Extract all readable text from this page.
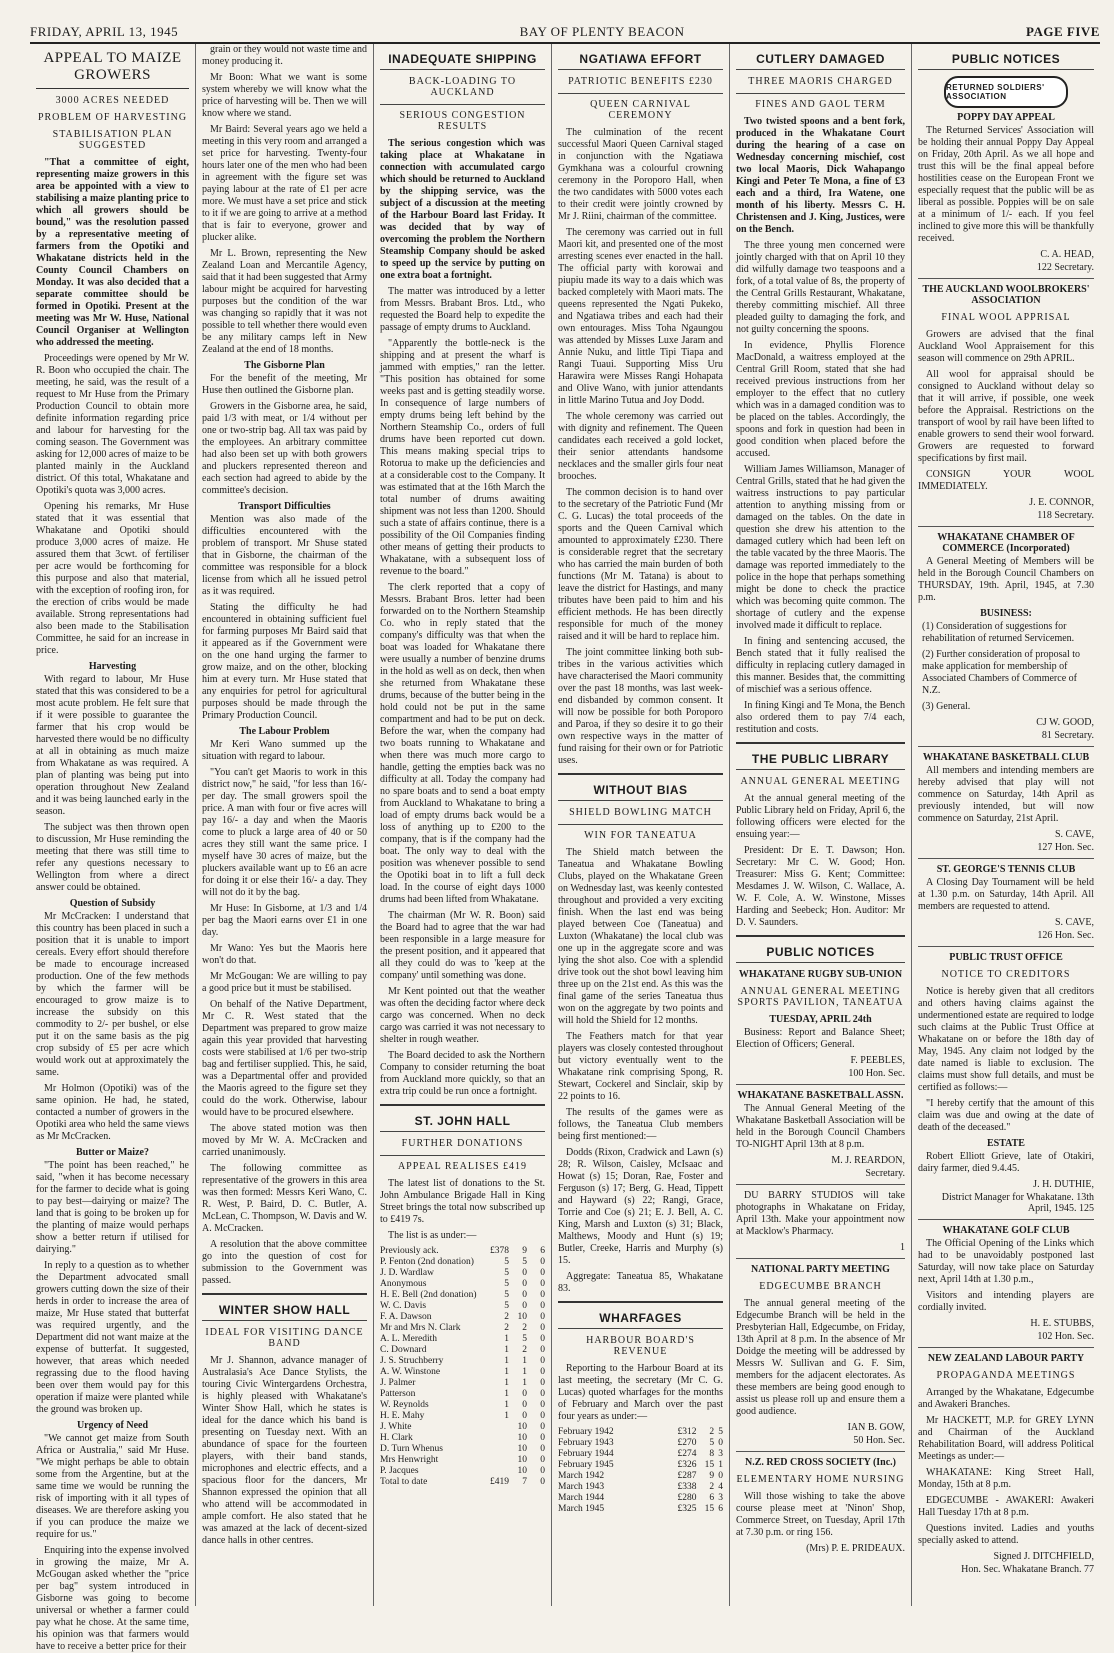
FRIDAY, APRIL 13, 1945	BAY OF PLENTY BEACON	PAGE FIVE
APPEAL TO MAIZE GROWERS
3000 ACRES NEEDED
PROBLEM OF HARVESTING
STABILISATION PLAN SUGGESTED

"That a committee of eight, representing maize growers in this area be appointed with a view to stabilising a maize planting price to which all growers should be bound," was the resolution passed by a representative meeting of farmers from the Opotiki and Whakatane districts held in the County Council Chambers on Monday. It was also decided that a separate committee should be formed in Opotiki. Present at the meeting was Mr W. Huse, National Council Organiser at Wellington who addressed the meeting.

Proceedings were opened by Mr W. R. Boon who occupied the chair. The meeting, he said, was the result of a request to Mr Huse from the Primary Production Council to obtain more definite information regarding price and labour for harvesting for the coming season. The Government was asking for 12,000 acres of maize to be planted mainly in the Auckland district. Of this total, Whakatane and Opotiki's quota was 3,000 acres.

Opening his remarks, Mr Huse stated that it was essential that Whakatane and Opotiki should produce 3,000 acres of maize. He assured them that 3cwt. of fertiliser per acre would be forthcoming for this purpose and also that material, with the exception of roofing iron, for the erection of cribs would be made available. Strong representations had also been made to the Stabilisation Committee, he said for an increase in price.

Harvesting

With regard to labour, Mr Huse stated that this was considered to be a most acute problem. He felt sure that if it were possible to guarantee the farmer that his crop would be harvested there would be no difficulty at all in obtaining as much maize from Whakatane as was required. A plan of planting was being put into operation throughout New Zealand and it was being launched early in the season.

The subject was then thrown open to discussion, Mr Huse reminding the meeting that there was still time to refer any questions necessary to Wellington from where a direct answer could be obtained.

Question of Subsidy

Mr McCracken: I understand that this country has been placed in such a position that it is unable to import cereals. Every effort should therefore be made to encourage increased production. One of the few methods by which the farmer will be encouraged to grow maize is to increase the subsidy on this commodity to 2/- per bushel, or else put it on the same basis as the pig crop subsidy of £5 per acre which would work out at approximately the same.

Mr Holmon (Opotiki) was of the same opinion. He had, he stated, contacted a number of growers in the Opotiki area who held the same views as Mr McCracken.

Butter or Maize?

"The point has been reached," he said, "when it has become necessary for the farmer to decide what is going to pay best—dairying or maize? The land that is going to be broken up for the planting of maize would perhaps show a better return if utilised for dairying."

In reply to a question as to whether the Department advocated small growers cutting down the size of their herds in order to increase the area of maize, Mr Huse stated that butterfat was required urgently, and the Department did not want maize at the expense of butterfat. It suggested, however, that areas which needed regrassing due to the flood having been over them would pay for this operation if maize were planted while the ground was broken up.

Urgency of Need

"We cannot get maize from South Africa or Australia," said Mr Huse. "We might perhaps be able to obtain some from the Argentine, but at the same time we would be running the risk of importing with it all types of diseases. We are therefore asking you if you can produce the maize we require for us."

Enquiring into the expense involved in growing the maize, Mr A. McGougan asked whether the "price per bag" system introduced in Gisborne was going to become universal or whether a farmer could pay what he chose. At the same time, his opinion was that farmers would have to receive a better price for their

grain or they would not waste time and money producing it.

Mr Boon: What we want is some system whereby we will know what the price of harvesting will be. Then we will know where we stand.

Mr Baird: Several years ago we held a meeting in this very room and arranged a set price for harvesting. Twenty-four hours later one of the men who had been in agreement with the figure set was paying labour at the rate of £1 per acre more. We must have a set price and stick to it if we are going to arrive at a method that is fair to everyone, grower and plucker alike.

Mr L. Brown, representing the New Zealand Loan and Mercantile Agency, said that it had been suggested that Army labour might be acquired for harvesting purposes but the condition of the war was changing so rapidly that it was not possible to tell whether there would even be any military camps left in New Zealand at the end of 18 months.

The Gisborne Plan

For the benefit of the meeting, Mr Huse then outlined the Gisborne plan.

Growers in the Gisborne area, he said, paid 1/3 with meat, or 1/4 without per one or two-strip bag. All tax was paid by the employees. An arbitrary committee had also been set up with both growers and pluckers represented thereon and each section had agreed to abide by the committee's decision.

Transport Difficulties

Mention was also made of the difficulties encountered with the problem of transport. Mr Shuse stated that in Gisborne, the chairman of the committee was responsible for a block license from which all he issued petrol as it was required.

Stating the difficulty he had encountered in obtaining sufficient fuel for farming purposes Mr Baird said that it appeared as if the Government were on the one hand urging the farmer to grow maize, and on the other, blocking him at every turn. Mr Huse stated that any enquiries for petrol for agricultural purposes should be made through the Primary Production Council.

The Labour Problem

Mr Keri Wano summed up the situation with regard to labour.

"You can't get Maoris to work in this district now," he said, "for less than 16/- per day. The small growers spoil the price. A man with four or five acres will pay 16/- a day and when the Maoris come to pluck a large area of 40 or 50 acres they still want the same price. I myself have 30 acres of maize, but the pluckers available want up to £6 an acre for doing it or else their 16/- a day. They will not do it by the bag.

Mr Huse: In Gisborne, at 1/3 and 1/4 per bag the Maori earns over £1 in one day.

Mr Wano: Yes but the Maoris here won't do that.

Mr McGougan: We are willing to pay a good price but it must be stabilised.

On behalf of the Native Department, Mr C. R. West stated that the Department was prepared to grow maize again this year provided that harvesting costs were stabilised at 1/6 per two-strip bag and fertiliser supplied. This, he said, was a Departmental offer and provided the Maoris agreed to the figure set they could do the work. Otherwise, labour would have to be procured elsewhere.

The above stated motion was then moved by Mr W. A. McCracken and carried unanimously.

The following committee as representative of the growers in this area was then formed: Messrs Keri Wano, C. R. West, P. Baird, D. C. Butler, A. McLean, C. Thompson, W. Davis and W. A. McCracken.

A resolution that the above committee go into the question of cost for submission to the Government was passed.

WINTER SHOW HALL
IDEAL FOR VISITING DANCE BAND

Mr J. Shannon, advance manager of Australasia's Ace Dance Stylists, the touring Civic Wintergardens Orchestra, is highly pleased with Whakatane's Winter Show Hall, which he states is ideal for the dance which his band is presenting on Tuesday next. With an abundance of space for the fourteen players, with their band stands, microphones and electric effects, and a spacious floor for the dancers, Mr Shannon expressed the opinion that all who attend will be accommodated in ample comfort. He also stated that he was amazed at the lack of decent-sized dance halls in other centres.

INADEQUATE SHIPPING
BACK-LOADING TO AUCKLAND
SERIOUS CONGESTION RESULTS

The serious congestion which was taking place at Whakatane in connection with accumulated cargo which should be returned to Auckland by the shipping service, was the subject of a discussion at the meeting of the Harbour Board last Friday. It was decided that by way of overcoming the problem the Northern Steamship Company should be asked to speed up the service by putting on one extra boat a fortnight.

The matter was introduced by a letter from Messrs. Brabant Bros. Ltd., who requested the Board help to expedite the passage of empty drums to Auckland.

"Apparently the bottle-neck is the shipping and at present the wharf is jammed with empties," ran the letter. "This position has obtained for some weeks past and is getting steadily worse. In consequence of large numbers of empty drums being left behind by the Northern Steamship Co., orders of full drums have been reported cut down. This means making special trips to Rotorua to make up the deficiencies and at a considerable cost to the Company. It was estimated that at the 16th March the total number of drums awaiting shipment was not less than 1200. Should such a state of affairs continue, there is a possibility of the Oil Companies finding other means of getting their products to Whakatane, with a subsequent loss of revenue to the board."

The clerk reported that a copy of Messrs. Brabant Bros. letter had been forwarded on to the Northern Steamship Co. who in reply stated that the company's difficulty was that when the boat was loaded for Whakatane there were usually a number of benzine drums in the hold as well as on deck, then when she returned from Whakatane these drums, because of the butter being in the hold could not be put in the same compartment and had to be put on deck. Before the war, when the company had two boats running to Whakatane and when there was much more cargo to handle, getting the empties back was no difficulty at all. Today the company had no spare boats and to send a boat empty from Auckland to Whakatane to bring a load of empty drums back would be a loss of anything up to £200 to the company, that is if the company had the boat. The only way to deal with the position was whenever possible to send the Opotiki boat in to lift a full deck load. In the course of eight days 1000 drums had been lifted from Whakatane.

The chairman (Mr W. R. Boon) said the Board had to agree that the war had been responsible in a large measure for the present position, and it appeared that all they could do was to 'keep at the company' until something was done.

Mr Kent pointed out that the weather was often the deciding factor where deck cargo was concerned. When no deck cargo was carried it was not necessary to shelter in rough weather.

The Board decided to ask the Northern Company to consider returning the boat from Auckland more quickly, so that an extra trip could be run once a fortnight.

ST. JOHN HALL
FURTHER DONATIONS
APPEAL REALISES £419

The latest list of donations to the St. John Ambulance Brigade Hall in King Street brings the total now subscribed up to £419 7s.

The list is as under:—

Previously ack.	£378	9	6
P. Fenton (2nd donation)	5	5	0
J. D. Wardlaw	5	0	0
Anonymous	5	0	0
H. E. Bell (2nd donation)	5	0	0
W. C. Davis	5	0	0
F. A. Dawson	2	10	0
Mr and Mrs N. Clark	2	2	0
A. L. Meredith	1	5	0
C. Downard	1	2	0
J. S. Struchberry	1	1	0
A. W. Winstone	1	1	0
J. Palmer	1	1	0
Patterson	1	0	0
W. Reynolds	1	0	0
H. E. Mahy	1	0	0
J. White		10	0
H. Clark		10	0
D. Turn Whenus		10	0
Mrs Henwright		10	0
P. Jacques		10	0
Total to date	£419	7	0
NGATIAWA EFFORT
PATRIOTIC BENEFITS £230
QUEEN CARNIVAL CEREMONY

The culmination of the recent successful Maori Queen Carnival staged in conjunction with the Ngatiawa Gymkhana was a colourful crowning ceremony in the Poroporo Hall, when the two candidates with 5000 votes each to their credit were jointly crowned by Mr J. Riini, chairman of the committee.

The ceremony was carried out in full Maori kit, and presented one of the most arresting scenes ever enacted in the hall. The official party with korowai and piupiu made its way to a dais which was backed completely with Maori mats. The queens represented the Ngati Pukeko, and Ngatiawa tribes and each had their own entourages. Miss Toha Ngaungou was attended by Misses Luxe Jaram and Annie Nuku, and little Tipi Tiapa and Rangi Tuaui. Supporting Miss Uru Harawira were Misses Rangi Hohapata and Olive Wano, with junior attendants in little Marino Tutua and Joy Dodd.

The whole ceremony was carried out with dignity and refinement. The Queen candidates each received a gold locket, their senior attendants handsome necklaces and the smaller girls four neat brooches.

The common decision is to hand over to the secretary of the Patriotic Fund (Mr C. G. Lucas) the total proceeds of the sports and the Queen Carnival which amounted to approximately £230. There is considerable regret that the secretary who has carried the main burden of both functions (Mr M. Tatana) is about to leave the district for Hastings, and many tributes have been paid to him and his efficient methods. He has been directly responsible for much of the money raised and it will be hard to replace him.

The joint committee linking both sub-tribes in the various activities which have characterised the Maori community over the past 18 months, was last week-end disbanded by common consent. It will now be possible for both Poroporo and Paroa, if they so desire it to go their own respective ways in the matter of fund raising for their own or for Patriotic uses.

WITHOUT BIAS
SHIELD BOWLING MATCH
WIN FOR TANEATUA

The Shield match between the Taneatua and Whakatane Bowling Clubs, played on the Whakatane Green on Wednesday last, was keenly contested throughout and provided a very exciting finish. When the last end was being played between Coe (Taneatua) and Luxton (Whakatane) the local club was one up in the aggregate score and was lying the shot also. Coe with a splendid drive took out the shot bowl leaving him three up on the 21st end. As this was the final game of the series Taneatua thus won on the aggregate by two points and will hold the Shield for 12 months.

The Feathers match for that year players was closely contested throughout but victory eventually went to the Whakatane rink comprising Spong, R. Stewart, Cockerel and Sinclair, skip by 22 points to 16.

The results of the games were as follows, the Taneatua Club members being first mentioned:—

Dodds (Rixon, Cradwick and Lawn (s) 28; R. Wilson, Caisley, McIsaac and Howat (s) 15; Doran, Rae, Foster and Ferguson (s) 17; Berg, G. Head, Tippett and Hayward (s) 22; Rangi, Grace, Torrie and Coe (s) 21; E. J. Bell, A. C. King, Marsh and Luxton (s) 31; Black, Malthews, Moody and Hunt (s) 19; Butler, Creeke, Harris and Murphy (s) 15.

Aggregate: Taneatua 85, Whakatane 83.

WHARFAGES
HARBOUR BOARD'S REVENUE

Reporting to the Harbour Board at its last meeting, the secretary (Mr C. G. Lucas) quoted wharfages for the months of February and March over the past four years as under:—

February 1942	£312	2	5
February 1943	£270	5	0
February 1944	£274	8	3
February 1945	£326	15	1
March 1942	£287	9	0
March 1943	£338	2	4
March 1944	£280	6	3
March 1945	£325	15	6
CUTLERY DAMAGED
THREE MAORIS CHARGED
FINES AND GAOL TERM

Two twisted spoons and a bent fork, produced in the Whakatane Court during the hearing of a case on Wednesday concerning mischief, cost two local Maoris, Dick Wahapango Kingi and Peter Te Mona, a fine of £3 each and a third, Ira Watene, one month of his liberty. Messrs C. H. Christensen and J. King, Justices, were on the Bench.

The three young men concerned were jointly charged with that on April 10 they did wilfully damage two teaspoons and a fork, of a total value of 8s, the property of the Central Grills Restaurant, Whakatane, thereby committing mischief. All three pleaded guilty to damaging the fork, and not guilty concerning the spoons.

In evidence, Phyllis Florence MacDonald, a waitress employed at the Central Grill Room, stated that she had received previous instructions from her employer to the effect that no cutlery which was in a damaged condition was to be placed on the tables. Accordingly, the spoons and fork in question had been in good condition when placed before the accused.

William James Williamson, Manager of Central Grills, stated that he had given the waitress instructions to pay particular attention to anything missing from or damaged on the tables. On the date in question she drew his attention to the damaged cutlery which had been left on the table vacated by the three Maoris. The damage was reported immediately to the police in the hope that perhaps something might be done to check the practice which was becoming quite common. The shortage of cutlery and the expense involved made it difficult to replace.

In fining and sentencing accused, the Bench stated that it fully realised the difficulty in replacing cutlery damaged in this manner. Besides that, the committing of mischief was a serious offence.

In fining Kingi and Te Mona, the Bench also ordered them to pay 7/4 each, restitution and costs.

THE PUBLIC LIBRARY
ANNUAL GENERAL MEETING

At the annual general meeting of the Public Library held on Friday, April 6, the following officers were elected for the ensuing year:—

President: Dr E. T. Dawson; Hon. Secretary: Mr C. W. Good; Hon. Treasurer: Miss G. Kent; Committee: Mesdames J. W. Wilson, C. Wallace, A. W. F. Cole, A. W. Winstone, Misses Harding and Seebeck; Hon. Auditor: Mr D. V. Saunders.

PUBLIC NOTICES
WHAKATANE RUGBY SUB-UNION
ANNUAL GENERAL MEETING SPORTS PAVILION, TANEATUA
TUESDAY, APRIL 24th

Business: Report and Balance Sheet; Election of Officers; General.

F. PEEBLES,
100 Hon. Sec.
WHAKATANE BASKETBALL ASSN.

The Annual General Meeting of the Whakatane Basketball Association will be held in the Borough Council Chambers TO-NIGHT April 13th at 8 p.m.

M. J. REARDON,
Secretary.

DU BARRY STUDIOS will take photographs in Whakatane on Friday, April 13th. Make your appointment now at Macklow's Pharmacy.

1
NATIONAL PARTY MEETING
EDGECUMBE BRANCH

The annual general meeting of the Edgecumbe Branch will be held in the Presbyterian Hall, Edgecumbe, on Friday, 13th April at 8 p.m. In the absence of Mr Doidge the meeting will be addressed by Messrs W. Sullivan and G. F. Sim, members for the adjacent electorates. As these members are being good enough to assist us please roll up and ensure them a good audience.

IAN B. GOW,
50 Hon. Sec.
N.Z. RED CROSS SOCIETY (Inc.)
ELEMENTARY HOME NURSING

Will those wishing to take the above course please meet at 'Ninon' Shop, Commerce Street, on Tuesday, April 17th at 7.30 p.m. or ring 156.

(Mrs) P. E. PRIDEAUX.
PUBLIC NOTICES
RETURNED SOLDIERS' ASSOCIATION
POPPY DAY APPEAL

The Returned Services' Association will be holding their annual Poppy Day Appeal on Friday, 20th April. As we all hope and trust this will be the final appeal before hostilities cease on the European Front we especially request that the public will be as liberal as possible. Poppies will be on sale at a minimum of 1/- each. If you feel inclined to give more this will be thankfully received.

C. A. HEAD,
122 Secretary.
THE AUCKLAND WOOLBROKERS' ASSOCIATION
FINAL WOOL APPRISAL

Growers are advised that the final Auckland Wool Appraisement for this season will commence on 29th APRIL.

All wool for appraisal should be consigned to Auckland without delay so that it will arrive, if possible, one week before the Appraisal. Restrictions on the transport of wool by rail have been lifted to enable growers to send their wool forward. Growers are requested to forward specifications by first mail.

CONSIGN YOUR WOOL IMMEDIATELY.

J. E. CONNOR,
118 Secretary.
WHAKATANE CHAMBER OF COMMERCE (Incorporated)

A General Meeting of Members will be held in the Borough Council Chambers on THURSDAY, 19th. April, 1945, at 7.30 p.m.

BUSINESS:
(1) Consideration of suggestions for rehabilitation of returned Servicemen.
(2) Further consideration of proposal to make application for membership of Associated Chambers of Commerce of N.Z.
(3) General.
CJ W. GOOD,
81 Secretary.
WHAKATANE BASKETBALL CLUB

All members and intending members are hereby advised that play will not commence on Saturday, 14th April as previously intended, but will now commence on Saturday, 21st April.

S. CAVE,
127 Hon. Sec.
ST. GEORGE'S TENNIS CLUB

A Closing Day Tournament will be held at 1.30 p.m. on Saturday, 14th April. All members are requested to attend.

S. CAVE,
126 Hon. Sec.
PUBLIC TRUST OFFICE
NOTICE TO CREDITORS

Notice is hereby given that all creditors and others having claims against the undermentioned estate are required to lodge such claims at the Public Trust Office at Whakatane on or before the 18th day of May, 1945. Any claim not lodged by the date named is liable to exclusion. The claims must show full details, and must be certified as follows:—

"I hereby certify that the amount of this claim was due and owing at the date of death of the deceased."

ESTATE

Robert Elliott Grieve, late of Otakiri, dairy farmer, died 9.4.45.

J. H. DUTHIE,
District Manager for Whakatane. 13th April, 1945. 125
WHAKATANE GOLF CLUB

The Official Opening of the Links which had to be unavoidably postponed last Saturday, will now take place on Saturday next, April 14th at 1.30 p.m.,

Visitors and intending players are cordially invited.

H. E. STUBBS,
102 Hon. Sec.
NEW ZEALAND LABOUR PARTY
PROPAGANDA MEETINGS

Arranged by the Whakatane, Edgecumbe and Awakeri Branches.

Mr HACKETT, M.P. for GREY LYNN and Chairman of the Auckland Rehabilitation Board, will address Political Meetings as under:—

WHAKATANE: King Street Hall, Monday, 15th at 8 p.m.

EDGECUMBE - AWAKERI: Awakeri Hall Tuesday 17th at 8 p.m.

Questions invited. Ladies and youths specially asked to attend.

Signed J. DITCHFIELD,
Hon. Sec. Whakatane Branch. 77
